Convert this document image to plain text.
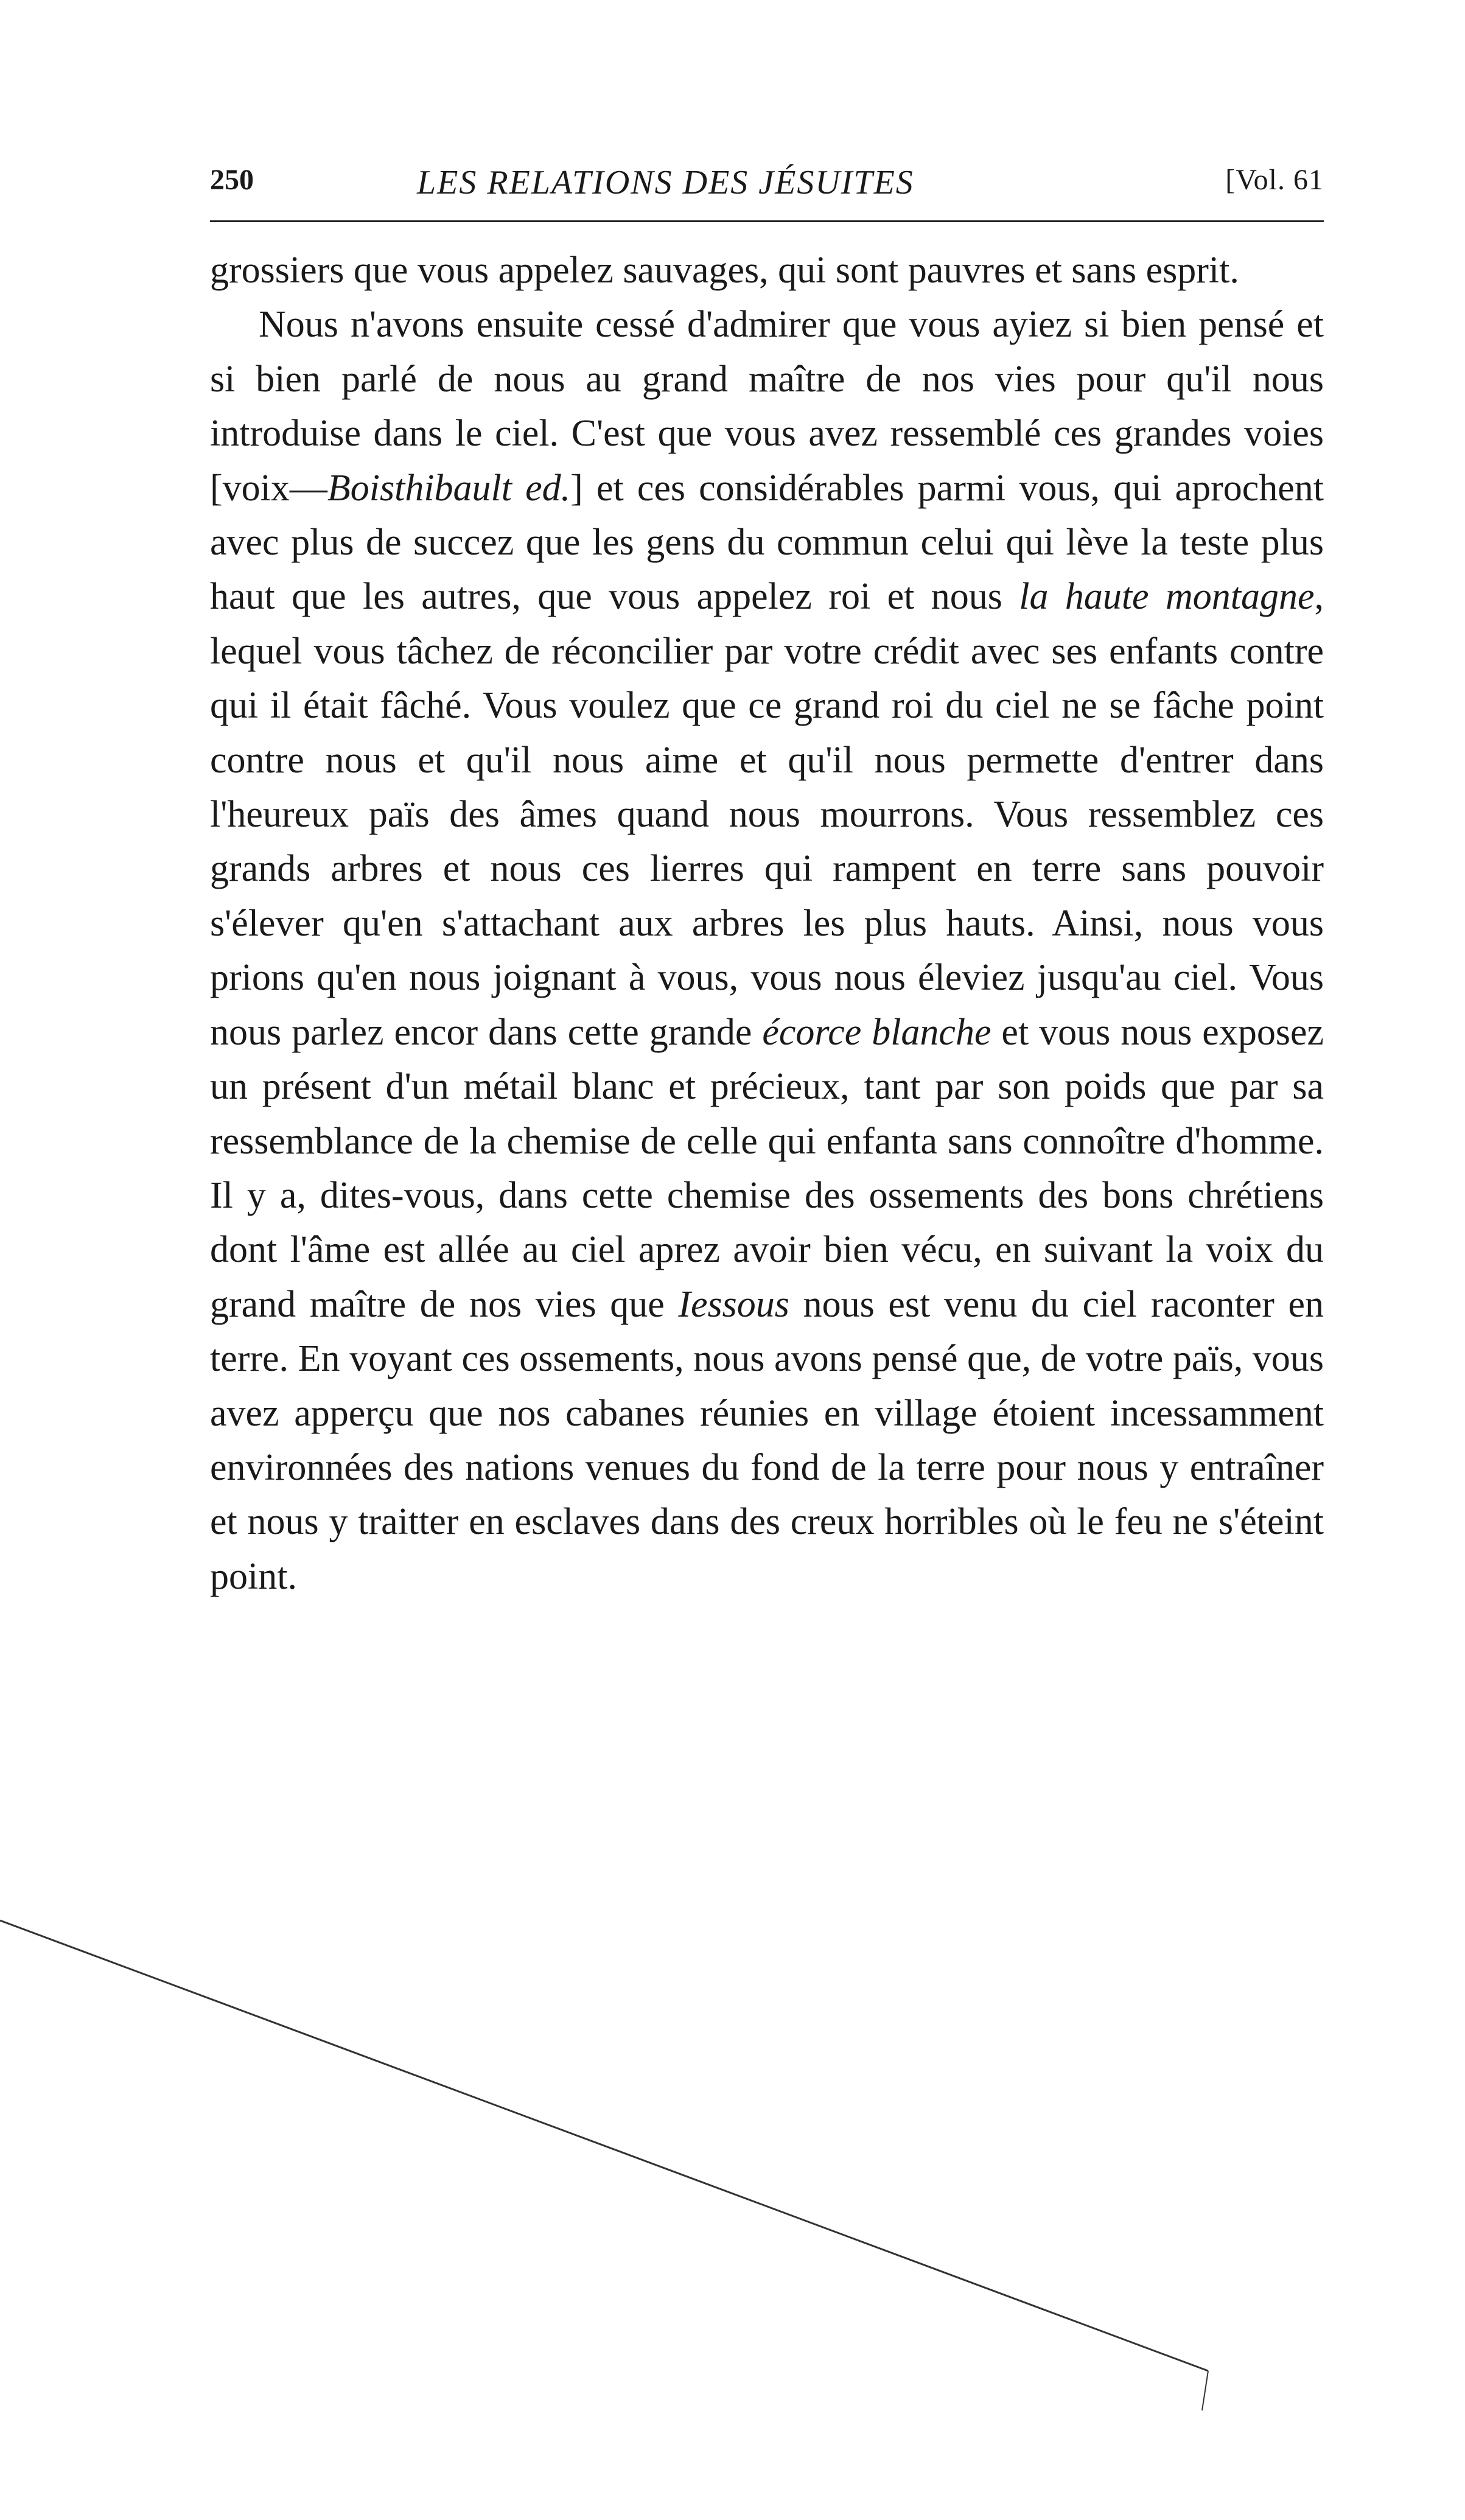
250	LES RELATIONS DES JÉSUITES	[Vol. 61

grossiers que vous appelez sauvages, qui sont pauvres et sans esprit.

Nous n'avons ensuite cessé d'admirer que vous ayiez si bien pensé et si bien parlé de nous au grand maître de nos vies pour qu'il nous introduise dans le ciel. C'est que vous avez ressemblé ces grandes voies [voix—Boisthibault ed.] et ces considérables parmi vous, qui aprochent avec plus de succez que les gens du commun celui qui lève la teste plus haut que les autres, que vous appelez roi et nous la haute montagne, lequel vous tâchez de réconcilier par votre crédit avec ses enfants contre qui il était fâché. Vous voulez que ce grand roi du ciel ne se fâche point contre nous et qu'il nous aime et qu'il nous permette d'entrer dans l'heureux païs des âmes quand nous mourrons. Vous ressemblez ces grands arbres et nous ces lierres qui rampent en terre sans pouvoir s'élever qu'en s'attachant aux arbres les plus hauts. Ainsi, nous vous prions qu'en nous joignant à vous, vous nous éleviez jusqu'au ciel. Vous nous parlez encor dans cette grande écorce blanche et vous nous exposez un présent d'un métail blanc et précieux, tant par son poids que par sa ressemblance de la chemise de celle qui enfanta sans connoître d'homme. Il y a, dites-vous, dans cette chemise des ossements des bons chrétiens dont l'âme est allée au ciel aprez avoir bien vécu, en suivant la voix du grand maître de nos vies que Iessous nous est venu du ciel raconter en terre. En voyant ces ossements, nous avons pensé que, de votre païs, vous avez apperçu que nos cabanes réunies en village étoient incessamment environnées des nations venues du fond de la terre pour nous y entraîner et nous y traitter en esclaves dans des creux horribles où le feu ne s'éteint point.
